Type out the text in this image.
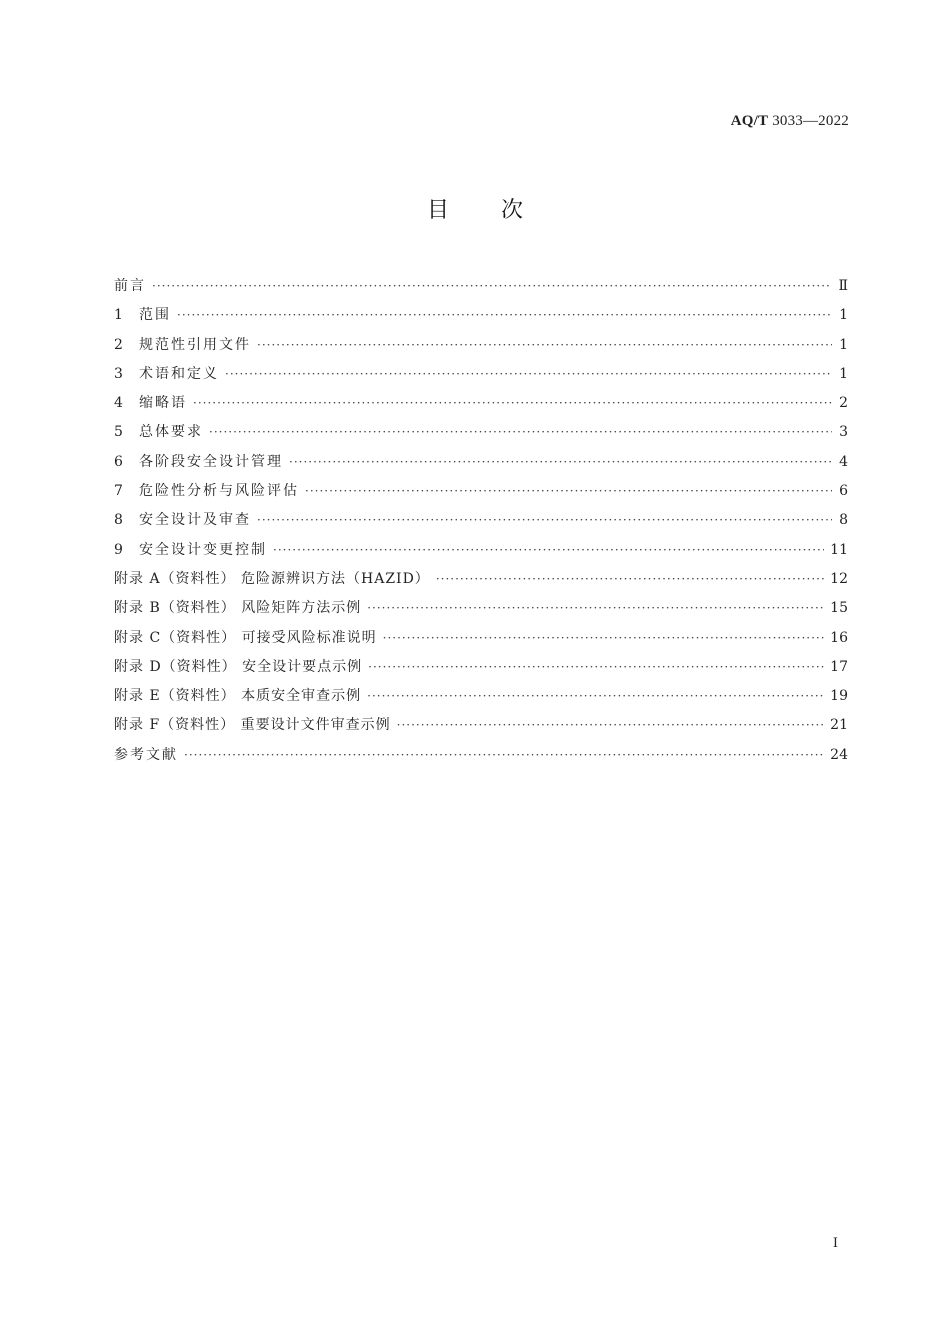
AQ/T 3033—2022
目次
前言 ·····	Ⅱ
1	范围 ·····	1
2	规范性引用文件 ·····	1
3	术语和定义 ·····	1
4	缩略语 ·····	2
5	总体要求 ·····	3
6	各阶段安全设计管理 ·····	4
7	危险性分析与风险评估 ·····	6
8	安全设计及审查 ·····	8
9	安全设计变更控制 ·····	11
附录 A（资料性） 危险源辨识方法（HAZID） ·····	12
附录 B（资料性） 风险矩阵方法示例 ·····	15
附录 C（资料性） 可接受风险标准说明 ·····	16
附录 D（资料性） 安全设计要点示例 ·····	17
附录 E（资料性） 本质安全审查示例 ·····	19
附录 F（资料性） 重要设计文件审查示例 ·····	21
参考文献 ·····	24
I
